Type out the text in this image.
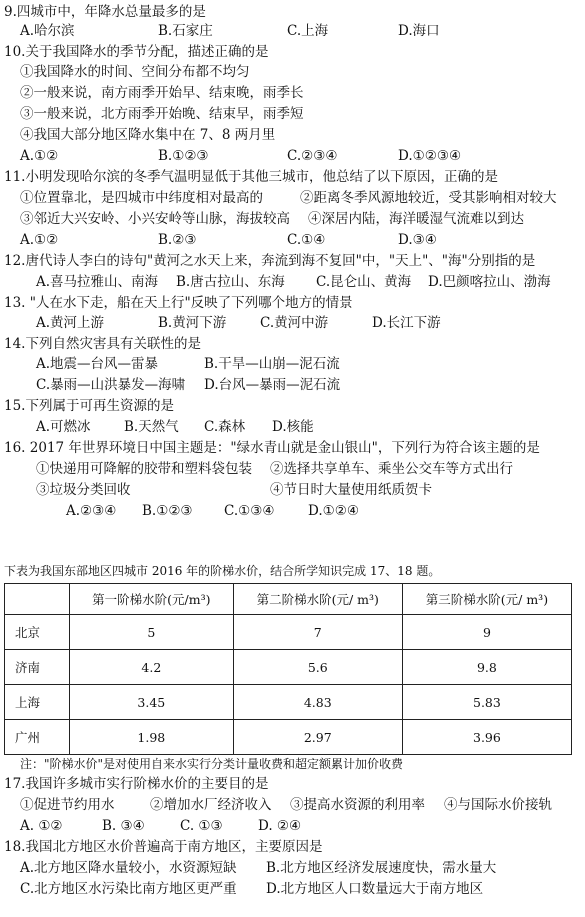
9.四城市中，年降水总量最多的是
A.哈尔滨	B.石家庄	C.上海	D.海口
10.关于我国降水的季节分配，描述正确的是
①我国降水的时间、空间分布都不均匀
②一般来说，南方雨季开始早、结束晚，雨季长
③一般来说，北方雨季开始晚、结束早，雨季短
④我国大部分地区降水集中在 7、8 两月里
A.①②	B.①②③	C.②③④	D.①②③④
11.小明发现哈尔滨的冬季气温明显低于其他三城市，他总结了以下原因，正确的是
①位置靠北，是四城市中纬度相对最高的	②距离冬季风源地较近，受其影响相对较大
③邻近大兴安岭、小兴安岭等山脉，海拔较高 ④深居内陆，海洋暖湿气流难以到达
A.①②	B.②③	C.①④	D.③④
12.唐代诗人李白的诗句"黄河之水天上来，奔流到海不复回"中，"天上"、"海"分别指的是
A.喜马拉雅山、南海 B.唐古拉山、东海 C.昆仑山、黄海 D.巴颜喀拉山、渤海
13. "人在水下走，船在天上行"反映了下列哪个地方的情景
A.黄河上游	B.黄河下游	C.黄河中游	D.长江下游
14.下列自然灾害具有关联性的是
A.地震—台风—雷暴	B.干旱—山崩—泥石流
C.暴雨—山洪暴发—海啸 D.台风—暴雨—泥石流
15.下列属于可再生资源的是
A.可燃冰 B.天然气 C.森林 D.核能
16. 2017 年世界环境日中国主题是："绿水青山就是金山银山"，下列行为符合该主题的是
①快递用可降解的胶带和塑料袋包装 ②选择共享单车、乘坐公交车等方式出行
③垃圾分类回收	④节日时大量使用纸质贺卡
A.②③④ B.①②③ C.①③④ D.①②④
下表为我国东部地区四城市 2016 年的阶梯水价，结合所学知识完成 17、18 题。
	第一阶梯水阶(元/m³)	第二阶梯水阶(元/ m³)	第三阶梯水阶(元/ m³)
北京	5	7	9
济南	4.2	5.6	9.8
上海	3.45	4.83	5.83
广州	1.98	2.97	3.96
注："阶梯水价"是对使用自来水实行分类计量收费和超定额累计加价收费
17.我国许多城市实行阶梯水价的主要目的是
①促进节约用水	②增加水厂经济收入 ③提高水资源的利用率 ④与国际水价接轨
A. ①②	B. ③④	C. ①③	D. ②④
18.我国北方地区水价普遍高于南方地区，主要原因是
A.北方地区降水量较小，水资源短缺 B.北方地区经济发展速度快，需水量大
C.北方地区水污染比南方地区更严重 D.北方地区人口数量远大于南方地区
